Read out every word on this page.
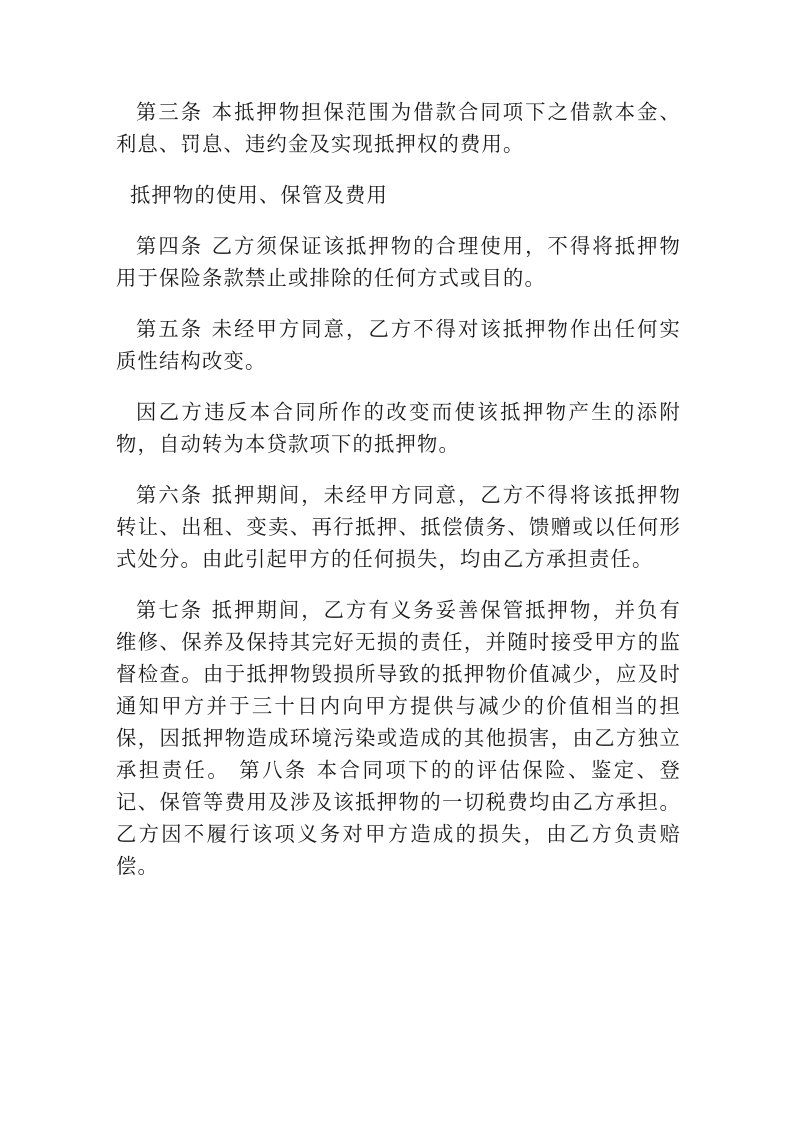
第三条 本抵押物担保范围为借款合同项下之借款本金、利息、罚息、违约金及实现抵押权的费用。

抵押物的使用、保管及费用

第四条 乙方须保证该抵押物的合理使用，不得将抵押物用于保险条款禁止或排除的任何方式或目的。

第五条 未经甲方同意，乙方不得对该抵押物作出任何实质性结构改变。

因乙方违反本合同所作的改变而使该抵押物产生的添附物，自动转为本贷款项下的抵押物。

第六条 抵押期间，未经甲方同意，乙方不得将该抵押物转让、出租、变卖、再行抵押、抵偿债务、馈赠或以任何形式处分。由此引起甲方的任何损失，均由乙方承担责任。

第七条 抵押期间，乙方有义务妥善保管抵押物，并负有维修、保养及保持其完好无损的责任，并随时接受甲方的监督检查。由于抵押物毁损所导致的抵押物价值减少，应及时通知甲方并于三十日内向甲方提供与减少的价值相当的担保，因抵押物造成环境污染或造成的其他损害，由乙方独立承担责任。 第八条 本合同项下的的评估保险、鉴定、登记、保管等费用及涉及该抵押物的一切税费均由乙方承担。乙方因不履行该项义务对甲方造成的损失，由乙方负责赔偿。
